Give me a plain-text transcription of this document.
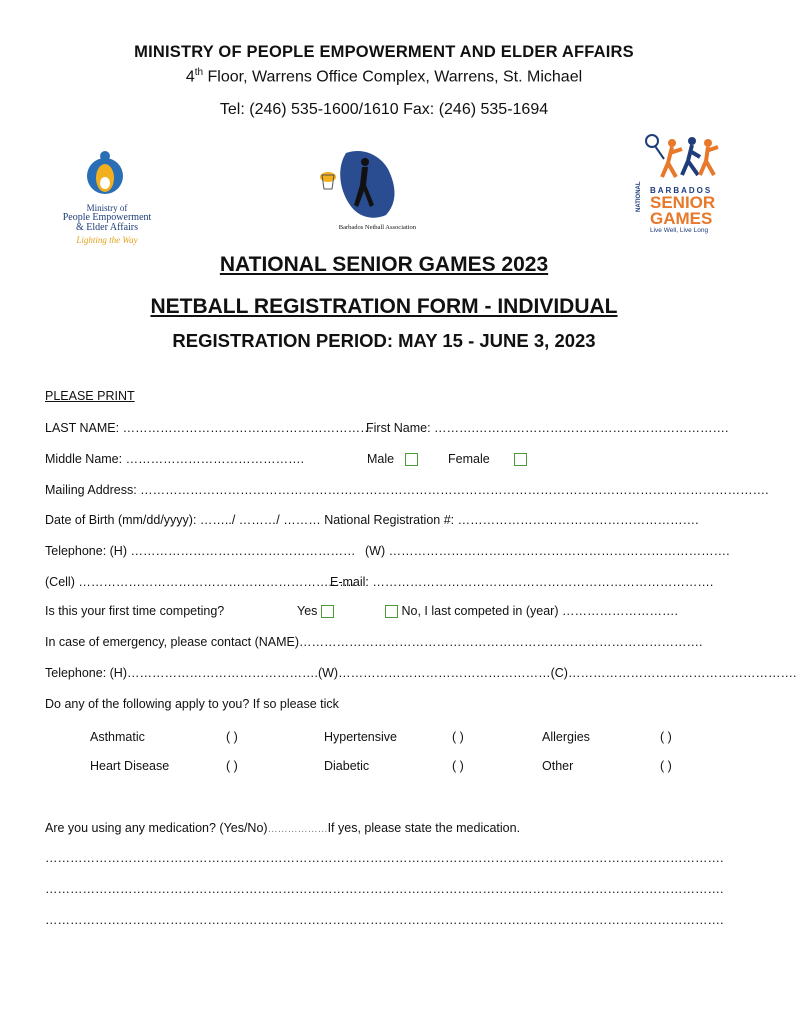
MINISTRY OF PEOPLE EMPOWERMENT AND ELDER AFFAIRS
4th Floor, Warrens Office Complex, Warrens, St. Michael
Tel: (246) 535-1600/1610 Fax: (246) 535-1694
Ministry of
People Empowerment
& Elder Affairs
Lighting the Way
Barbados Netball Association
NATIONAL BARBADOS
SENIOR
GAMES
Live Well, Live Long
NATIONAL SENIOR GAMES 2023
NETBALL REGISTRATION FORM - INDIVIDUAL
REGISTRATION PERIOD: MAY 15 - JUNE 3, 2023
PLEASE PRINT
LAST NAME: ……………………………………………………
First Name: ……….…………………………………………………….
Middle Name: …………………………………….	Male	Female
Mailing Address: …………………………………………………………………………………………………………………………………….
Date of Birth (mm/dd/yyyy): ……../ ………/ ……… National Registration #: ………………………………………………….
Telephone: (H) ……………………………………………… (W) ……………………………………………………………………….
(Cell) ……………………………………………………..…..
E-mail: ……………………………………………………………………….
Is this your first time competing?	Yes	No, I last competed in (year) ……………………….
In case of emergency, please contact (NAME)…………………………………………………………………………………….
Telephone: (H)……………………………………….(W)……………………………………………(C)……………………………………………….
Do any of the following apply to you? If so please tick
Asthmatic	( )	Hypertensive	( )	Allergies	( )
Heart Disease	( )	Diabetic	( )	Other	( )
Are you using any medication? (Yes/No)………………If yes, please state the medication.
……………………………………………………………………………………………………………………………………………….
……………………………………………………………………………………………………………………………………………….
……………………………………………………………………………………………………………………………………………….
